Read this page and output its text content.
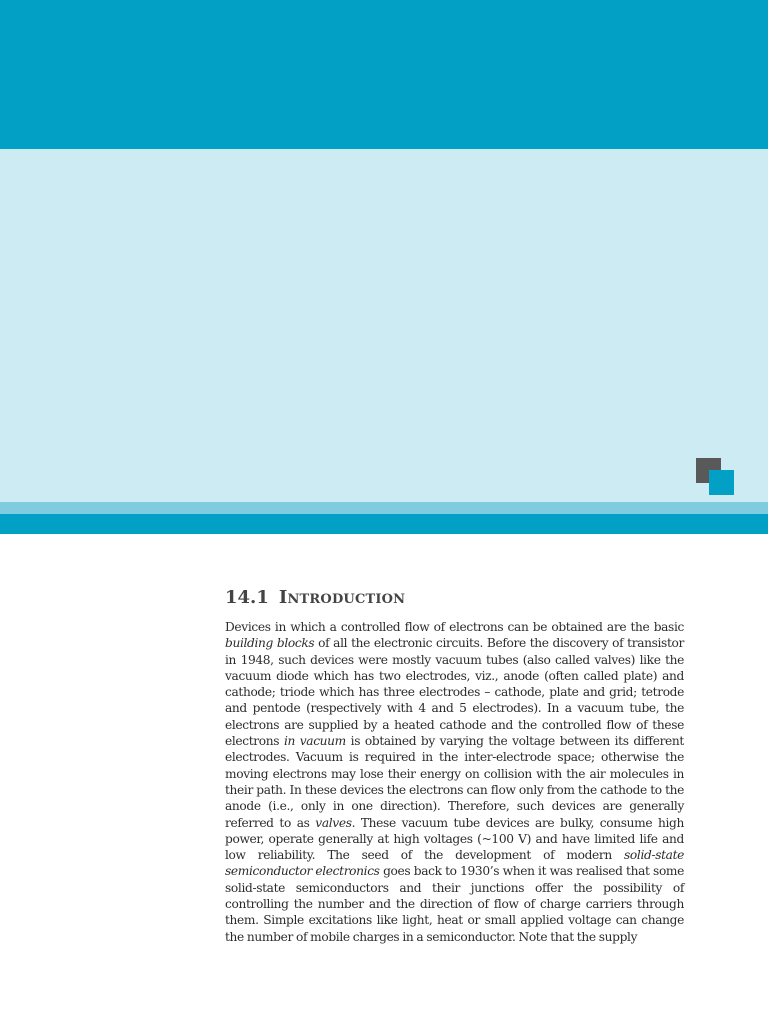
14.1 Introduction

Devices in which a controlled flow of electrons can be obtained are the basic building blocks of all the electronic circuits. Before the discovery of transistor in 1948, such devices were mostly vacuum tubes (also called valves) like the vacuum diode which has two electrodes, viz., anode (often called plate) and cathode; triode which has three electrodes – cathode, plate and grid; tetrode and pentode (respectively with 4 and 5 electrodes). In a vacuum tube, the electrons are supplied by a heated cathode and the controlled flow of these electrons in vacuum is obtained by varying the voltage between its different electrodes. Vacuum is required in the inter-electrode space; otherwise the moving electrons may lose their energy on collision with the air molecules in their path. In these devices the electrons can flow only from the cathode to the anode (i.e., only in one direction). Therefore, such devices are generally referred to as valves. These vacuum tube devices are bulky, consume high power, operate generally at high voltages (~100 V) and have limited life and low reliability. The seed of the development of modern solid-state semiconductor electronics goes back to 1930’s when it was realised that some solid-state semiconductors and their junctions offer the possibility of controlling the number and the direction of flow of charge carriers through them. Simple excitations like light, heat or small applied voltage can change the number of mobile charges in a semiconductor. Note that the supply
